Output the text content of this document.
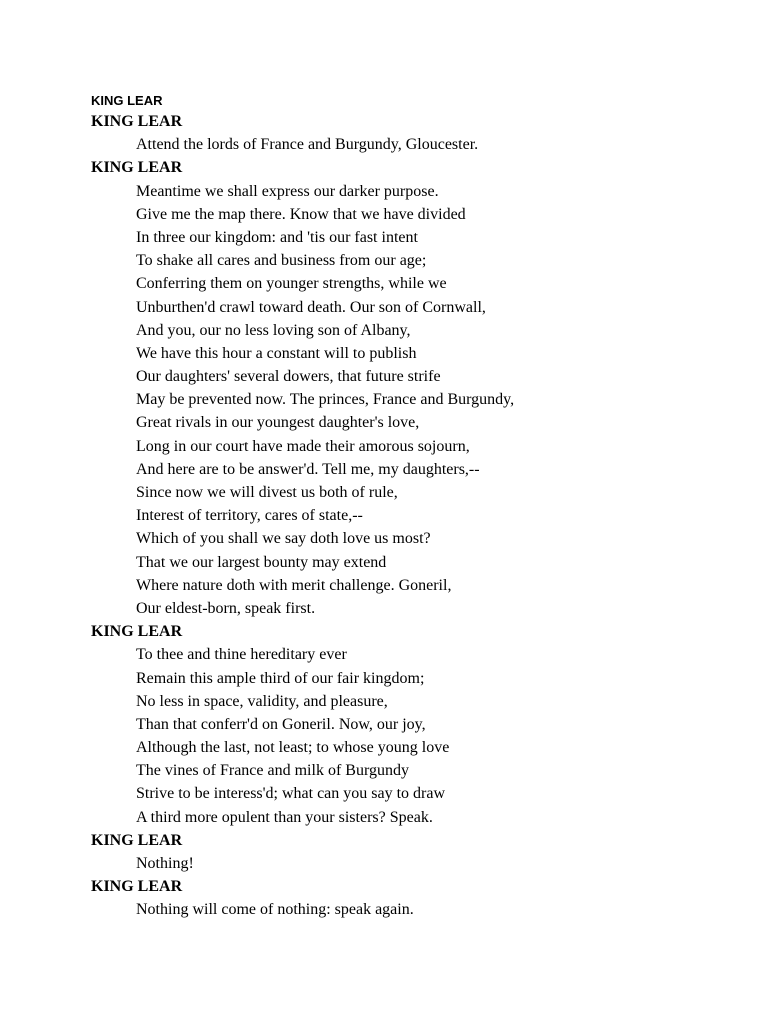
KING LEAR
KING LEAR
Attend the lords of France and Burgundy, Gloucester.
KING LEAR
Meantime we shall express our darker purpose.
Give me the map there. Know that we have divided
In three our kingdom: and 'tis our fast intent
To shake all cares and business from our age;
Conferring them on younger strengths, while we
Unburthen'd crawl toward death. Our son of Cornwall,
And you, our no less loving son of Albany,
We have this hour a constant will to publish
Our daughters' several dowers, that future strife
May be prevented now. The princes, France and Burgundy,
Great rivals in our youngest daughter's love,
Long in our court have made their amorous sojourn,
And here are to be answer'd. Tell me, my daughters,--
Since now we will divest us both of rule,
Interest of territory, cares of state,--
Which of you shall we say doth love us most?
That we our largest bounty may extend
Where nature doth with merit challenge. Goneril,
Our eldest-born, speak first.
KING LEAR
To thee and thine hereditary ever
Remain this ample third of our fair kingdom;
No less in space, validity, and pleasure,
Than that conferr'd on Goneril. Now, our joy,
Although the last, not least; to whose young love
The vines of France and milk of Burgundy
Strive to be interess'd; what can you say to draw
A third more opulent than your sisters? Speak.
KING LEAR
Nothing!
KING LEAR
Nothing will come of nothing: speak again.
